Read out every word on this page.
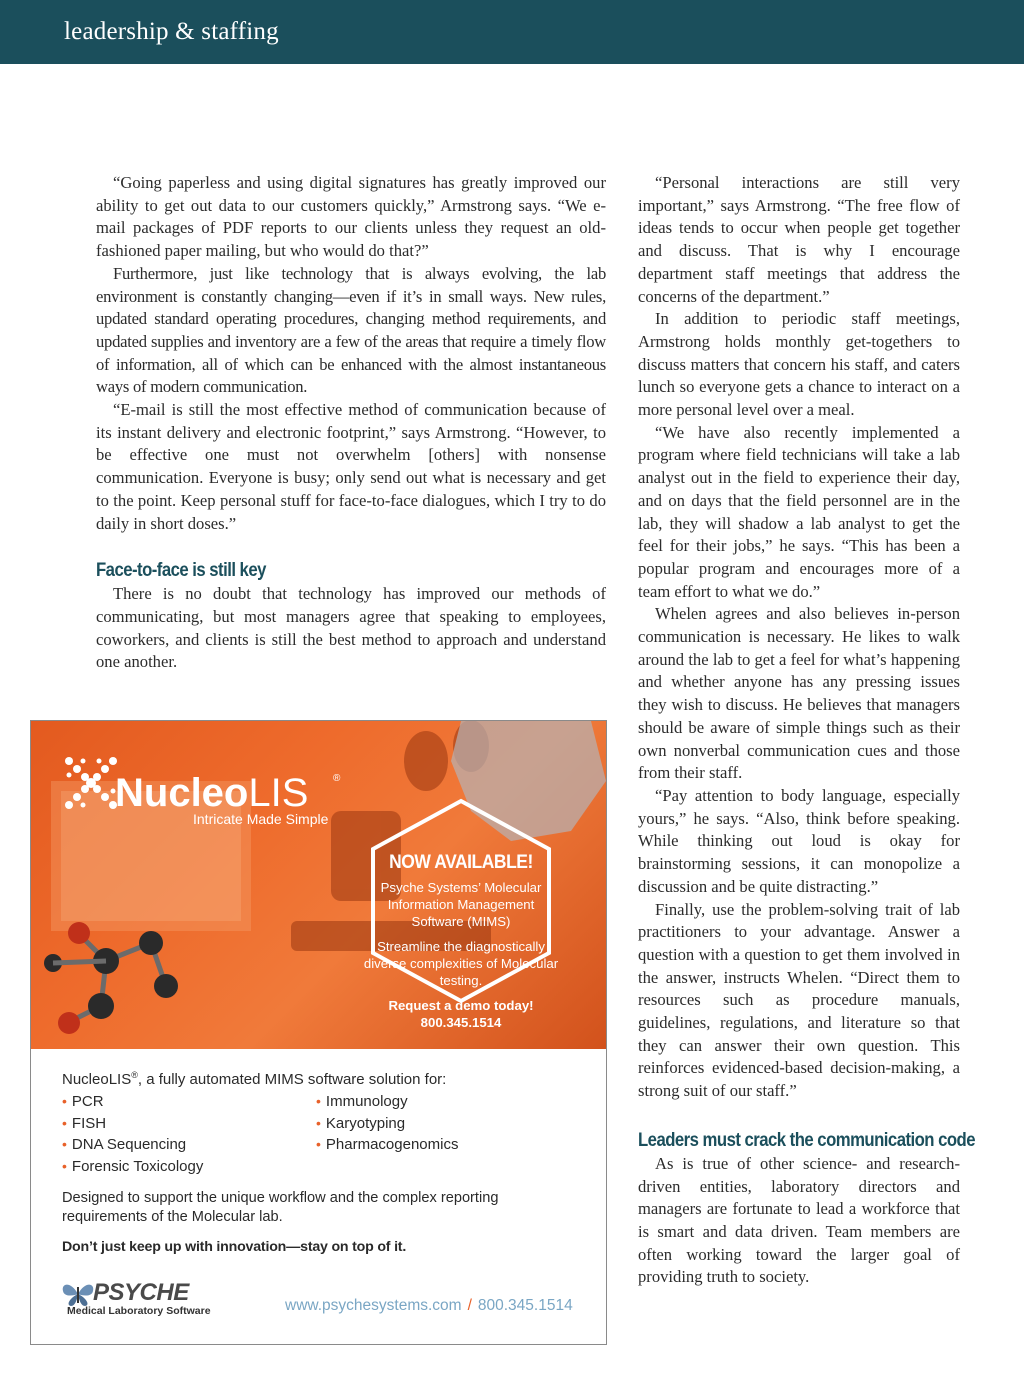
leadership & staffing

“Going paperless and using digital signatures has greatly improved our ability to get out data to our customers quickly,” Armstrong says. “We e-mail packages of PDF reports to our clients unless they request an old-fashioned paper mailing, but who would do that?”

Furthermore, just like technology that is always evolving, the lab environment is constantly changing—even if it’s in small ways. New rules, updated standard operating procedures, changing method requirements, and updated supplies and inventory are a few of the areas that require a timely flow of information, all of which can be enhanced with the almost instantaneous ways of modern communication.

“E-mail is still the most effective method of communication because of its instant delivery and electronic footprint,” says Armstrong. “However, to be effective one must not overwhelm [others] with nonsense communication. Everyone is busy; only send out what is necessary and get to the point. Keep personal stuff for face-to-face dialogues, which I try to do daily in short doses.”

Face-to-face is still key

There is no doubt that technology has improved our methods of communicating, but most managers agree that speaking to employees, coworkers, and clients is still the best method to approach and understand one another.

“Personal interactions are still very important,” says Armstrong. “The free flow of ideas tends to occur when people get together and discuss. That is why I encourage department staff meetings that address the concerns of the department.”

In addition to periodic staff meetings, Armstrong holds monthly get-togethers to discuss matters that concern his staff, and caters lunch so everyone gets a chance to interact on a more personal level over a meal.

“We have also recently implemented a program where field technicians will take a lab analyst out in the field to experience their day, and on days that the field personnel are in the lab, they will shadow a lab analyst to get the feel for their jobs,” he says. “This has been a popular program and encourages more of a team effort to what we do.”

Whelen agrees and also believes in-person communication is necessary. He likes to walk around the lab to get a feel for what’s happening and whether anyone has any pressing issues they wish to discuss. He believes that managers should be aware of simple things such as their own nonverbal communication cues and those from their staff.

“Pay attention to body language, especially yours,” he says. “Also, think before speaking. While thinking out loud is okay for brainstorming sessions, it can monopolize a discussion and be quite distracting.”

Finally, use the problem-solving trait of lab practitioners to your advantage. Answer a question with a question to get them involved in the answer, instructs Whelen. “Direct them to resources such as procedure manuals, guidelines, regulations, and literature so that they can answer their own question. This reinforces evidenced-based decision-making, a strong suit of our staff.”

Leaders must crack the communication code

As is true of other science- and research-driven entities, laboratory directors and managers are fortunate to lead a workforce that is smart and data driven. Team members are often working toward the larger goal of providing truth to society.

NucleoLIS ®
Intricate Made Simple
NOW AVAILABLE!
Psyche Systems’ Molecular Information Management Software (MIMS)
Streamline the diagnostically diverse complexities of Molecular testing.
Request a demo today!
800.345.1514
NucleoLIS®, a fully automated MIMS software solution for:
• PCR
• FISH
• DNA Sequencing
• Forensic Toxicology
• Immunology
• Karyotyping
• Pharmacogenomics
Designed to support the unique workflow and the complex reporting requirements of the Molecular lab.
Don’t just keep up with innovation—stay on top of it.
PSYCHE
Medical Laboratory Software	www.psychesystems.com / 800.345.1514
